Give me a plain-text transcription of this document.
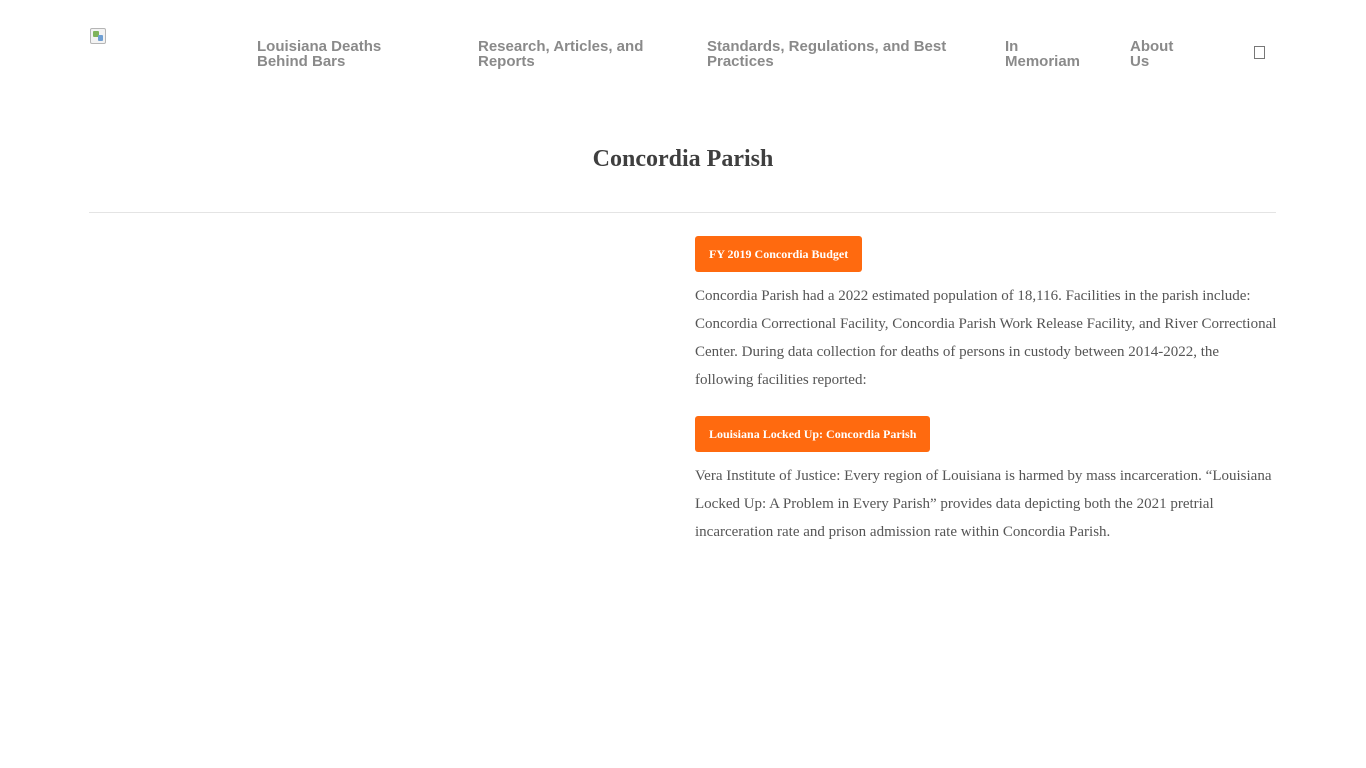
Louisiana Deaths
Behind Bars
Research, Articles, and
Reports
Standards, Regulations, and Best
Practices
In
Memoriam
About
Us
Concordia Parish
FY 2019 Concordia Budget

Concordia Parish had a 2022 estimated population of 18,116. Facilities in the parish include: Concordia Correctional Facility, Concordia Parish Work Release Facility, and River Correctional Center. During data collection for deaths of persons in custody between 2014-2022, the following facilities reported:

Louisiana Locked Up: Concordia Parish

Vera Institute of Justice: Every region of Louisiana is harmed by mass incarceration. “Louisiana Locked Up: A Problem in Every Parish” provides data depicting both the 2021 pretrial incarceration rate and prison admission rate within Concordia Parish.
